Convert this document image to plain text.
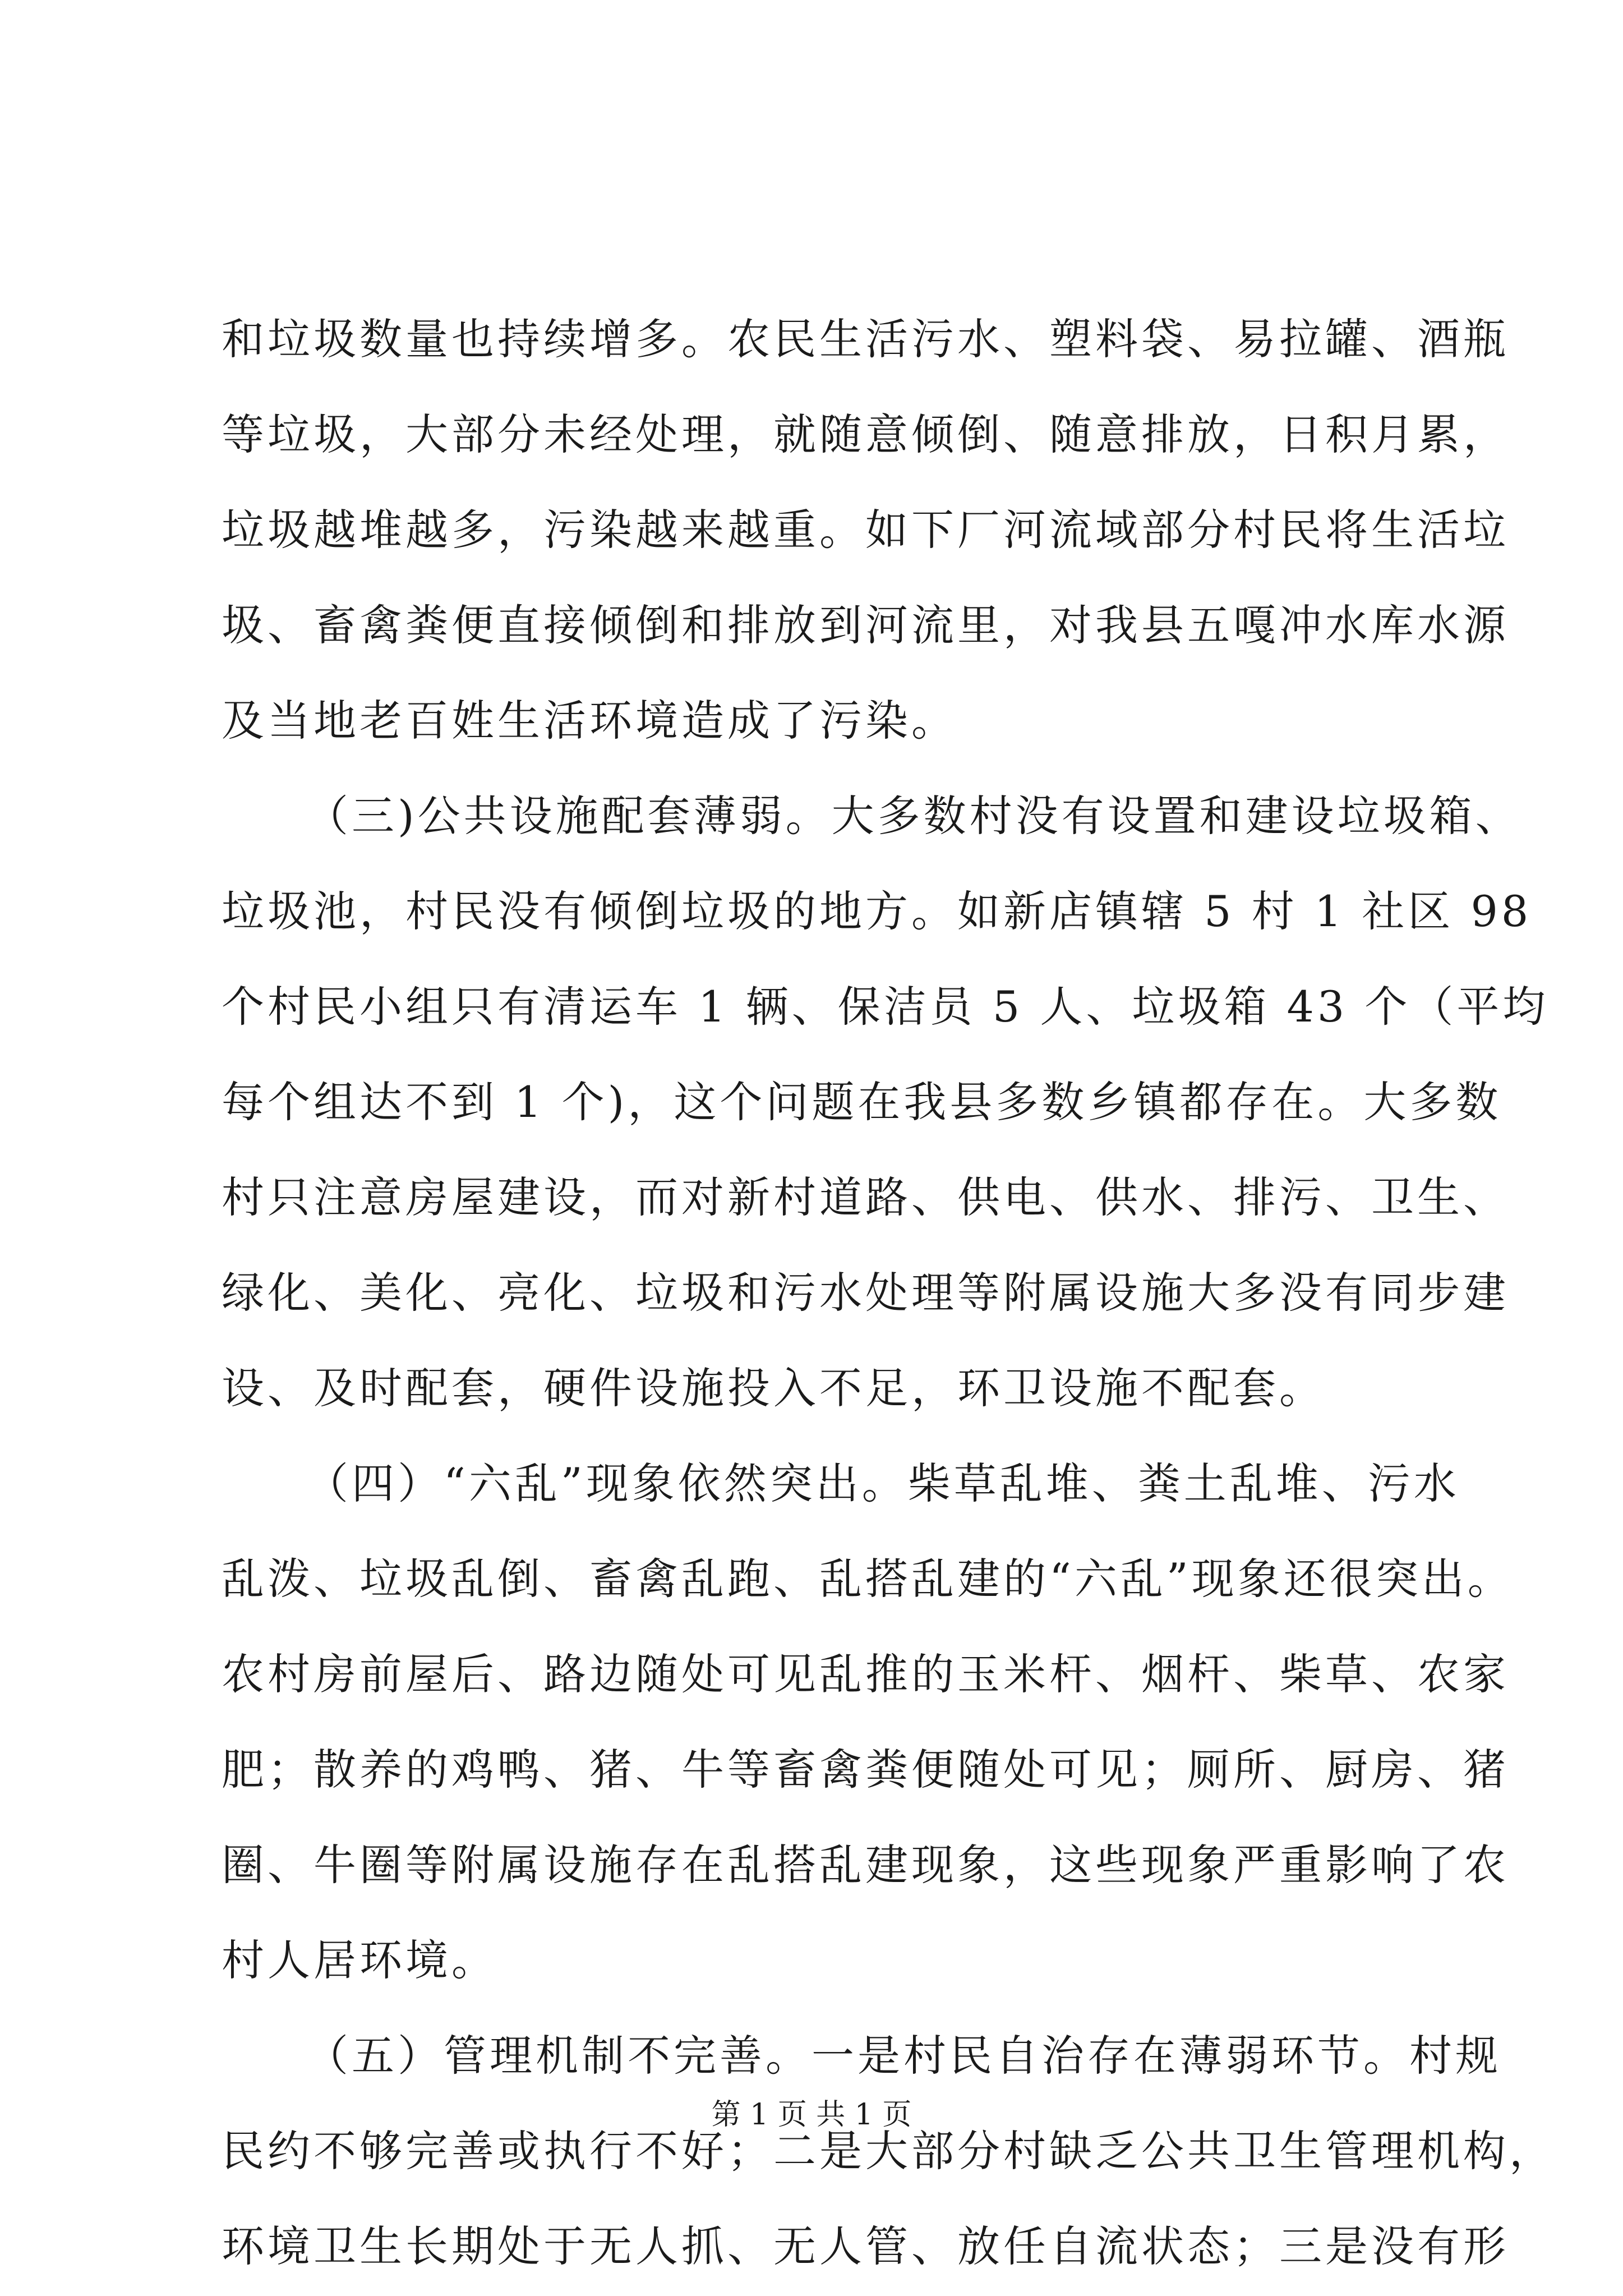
和垃圾数量也持续增多。农民生活污水、塑料袋、易拉罐、酒瓶
等垃圾，大部分未经处理，就随意倾倒、随意排放，日积月累，
垃圾越堆越多，污染越来越重。如下厂河流域部分村民将生活垃
圾、畜禽粪便直接倾倒和排放到河流里，对我县五嘎冲水库水源
及当地老百姓生活环境造成了污染。
（三)公共设施配套薄弱。大多数村没有设置和建设垃圾箱、
垃圾池，村民没有倾倒垃圾的地方。如新店镇辖 5 村 1 社区 98
个村民小组只有清运车 1 辆、保洁员 5 人、垃圾箱 43 个（平均
每个组达不到 1 个)，这个问题在我县多数乡镇都存在。大多数
村只注意房屋建设，而对新村道路、供电、供水、排污、卫生、
绿化、美化、亮化、垃圾和污水处理等附属设施大多没有同步建
设、及时配套，硬件设施投入不足，环卫设施不配套。
（四）“六乱”现象依然突出。柴草乱堆、粪土乱堆、污水
乱泼、垃圾乱倒、畜禽乱跑、乱搭乱建的“六乱”现象还很突出。
农村房前屋后、路边随处可见乱推的玉米杆、烟杆、柴草、农家
肥；散养的鸡鸭、猪、牛等畜禽粪便随处可见；厕所、厨房、猪
圈、牛圈等附属设施存在乱搭乱建现象，这些现象严重影响了农
村人居环境。
（五）管理机制不完善。一是村民自治存在薄弱环节。村规
民约不够完善或执行不好；二是大部分村缺乏公共卫生管理机构，
环境卫生长期处于无人抓、无人管、放任自流状态；三是没有形
第 1 页 共 1 页
